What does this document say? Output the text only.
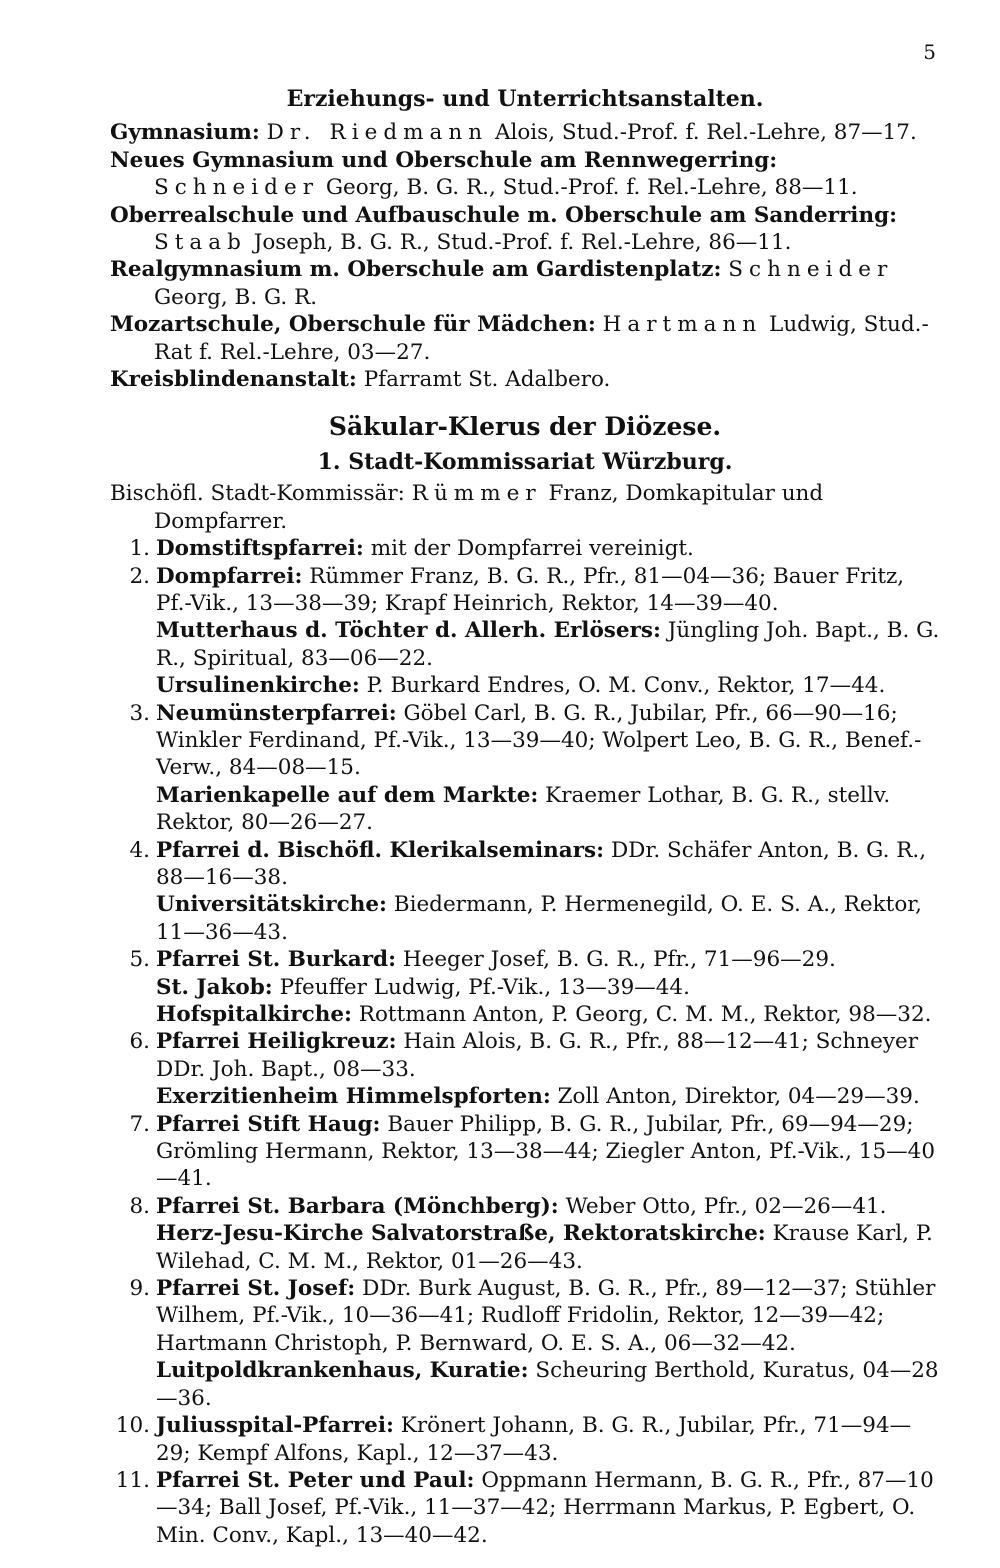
5
Erziehungs- und Unterrichtsanstalten.

Gymnasium: Dr. Riedmann Alois, Stud.-Prof. f. Rel.-Lehre, 87—17.

Neues Gymnasium und Oberschule am Rennwegerring: Schneider Georg, B. G. R., Stud.-Prof. f. Rel.-Lehre, 88—11.

Oberrealschule und Aufbauschule m. Oberschule am Sanderring: Staab Joseph, B. G. R., Stud.-Prof. f. Rel.-Lehre, 86—11.

Realgymnasium m. Oberschule am Gardistenplatz: Schneider Georg, B. G. R.

Mozartschule, Oberschule für Mädchen: Hartmann Ludwig, Stud.-Rat f. Rel.-Lehre, 03—27.

Kreisblindenanstalt: Pfarramt St. Adalbero.

Säkular-Klerus der Diözese.
1. Stadt-Kommissariat Würzburg.

Bischöfl. Stadt-Kommissär: Rümmer Franz, Domkapitular und Dompfarrer.

1. Domstiftspfarrei: mit der Dompfarrei vereinigt.

2. Dompfarrei: Rümmer Franz, B. G. R., Pfr., 81—04—36; Bauer Fritz, Pf.-Vik., 13—38—39; Krapf Heinrich, Rektor, 14—39—40.

Mutterhaus d. Töchter d. Allerh. Erlösers: Jüngling Joh. Bapt., B. G. R., Spiritual, 83—06—22.

Ursulinenkirche: P. Burkard Endres, O. M. Conv., Rektor, 17—44.

3. Neumünsterpfarrei: Göbel Carl, B. G. R., Jubilar, Pfr., 66—90—16; Winkler Ferdinand, Pf.-Vik., 13—39—40; Wolpert Leo, B. G. R., Benef.-Verw., 84—08—15.

Marienkapelle auf dem Markte: Kraemer Lothar, B. G. R., stellv. Rektor, 80—26—27.

4. Pfarrei d. Bischöfl. Klerikalseminars: DDr. Schäfer Anton, B. G. R., 88—16—38.

Universitätskirche: Biedermann, P. Hermenegild, O. E. S. A., Rektor, 11—36—43.

5. Pfarrei St. Burkard: Heeger Josef, B. G. R., Pfr., 71—96—29.

St. Jakob: Pfeuffer Ludwig, Pf.-Vik., 13—39—44.

Hofspitalkirche: Rottmann Anton, P. Georg, C. M. M., Rektor, 98—32.

6. Pfarrei Heiligkreuz: Hain Alois, B. G. R., Pfr., 88—12—41; Schneyer DDr. Joh. Bapt., 08—33.

Exerzitienheim Himmelspforten: Zoll Anton, Direktor, 04—29—39.

7. Pfarrei Stift Haug: Bauer Philipp, B. G. R., Jubilar, Pfr., 69—94—29; Grömling Hermann, Rektor, 13—38—44; Ziegler Anton, Pf.-Vik., 15—40—41.

8. Pfarrei St. Barbara (Mönchberg): Weber Otto, Pfr., 02—26—41.

Herz-Jesu-Kirche Salvatorstraße, Rektoratskirche: Krause Karl, P. Wilehad, C. M. M., Rektor, 01—26—43.

9. Pfarrei St. Josef: DDr. Burk August, B. G. R., Pfr., 89—12—37; Stühler Wilhem, Pf.-Vik., 10—36—41; Rudloff Fridolin, Rektor, 12—39—42; Hartmann Christoph, P. Bernward, O. E. S. A., 06—32—42.

Luitpoldkrankenhaus, Kuratie: Scheuring Berthold, Kuratus, 04—28—36.

10. Juliusspital-Pfarrei: Krönert Johann, B. G. R., Jubilar, Pfr., 71—94—29; Kempf Alfons, Kapl., 12—37—43.

11. Pfarrei St. Peter und Paul: Oppmann Hermann, B. G. R., Pfr., 87—10—34; Ball Josef, Pf.-Vik., 11—37—42; Herrmann Markus, P. Egbert, O. Min. Conv., Kapl., 13—40—42.
